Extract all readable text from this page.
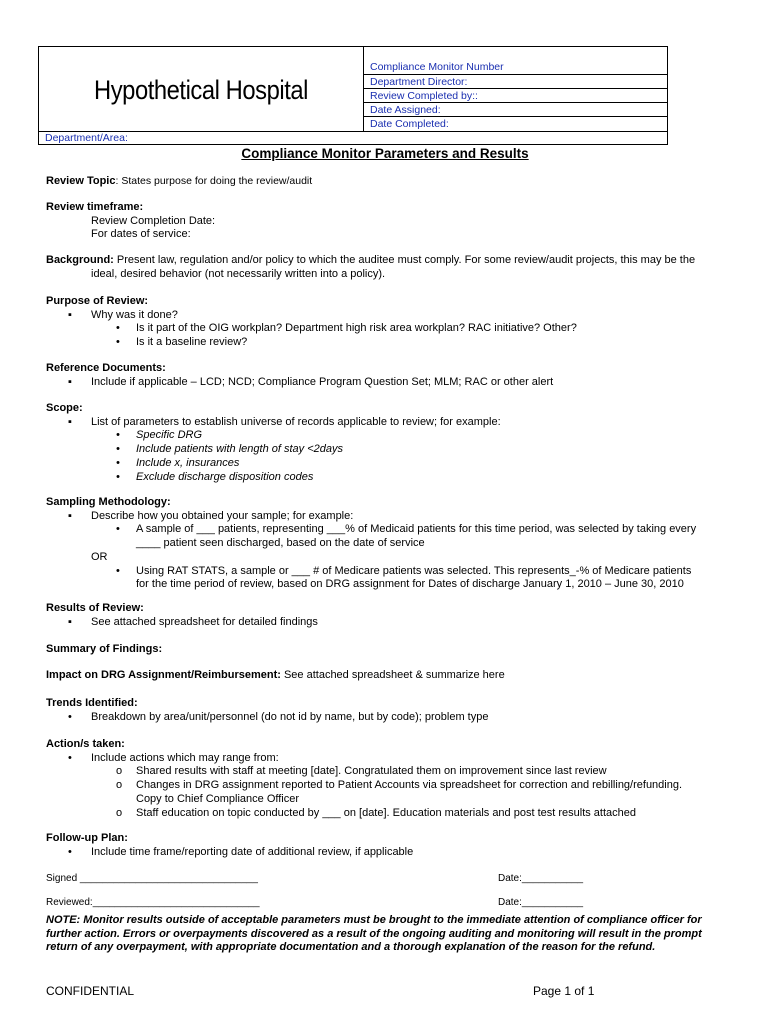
Hypothetical Hospital
Compliance Monitor Number
Department Director:
Review Completed by::
Date Assigned:
Date Completed:
Department/Area:
Compliance Monitor Parameters and Results
Review Topic: States purpose for doing the review/audit
Review timeframe:
Review Completion Date:
For dates of service:
Background: Present law, regulation and/or policy to which the auditee must comply. For some review/audit projects, this may be the
ideal, desired behavior (not necessarily written into a policy).
Purpose of Review:
▪ Why was it done?
• Is it part of the OIG workplan? Department high risk area workplan? RAC initiative? Other?
• Is it a baseline review?
Reference Documents:
▪ Include if applicable – LCD; NCD; Compliance Program Question Set; MLM; RAC or other alert
Scope:
▪ List of parameters to establish universe of records applicable to review; for example:
• Specific DRG
• Include patients with length of stay <2days
• Include x, insurances
• Exclude discharge disposition codes
Sampling Methodology:
▪ Describe how you obtained your sample; for example:
• A sample of ___ patients, representing ___% of Medicaid patients for this time period, was selected by taking every
____ patient seen discharged, based on the date of service
OR
• Using RAT STATS, a sample or ___ # of Medicare patients was selected. This represents_-% of Medicare patients
for the time period of review, based on DRG assignment for Dates of discharge January 1, 2010 – June 30, 2010
Results of Review:
▪ See attached spreadsheet for detailed findings
Summary of Findings:
Impact on DRG Assignment/Reimbursement: See attached spreadsheet & summarize here
Trends Identified:
• Breakdown by area/unit/personnel (do not id by name, but by code); problem type
Action/s taken:
• Include actions which may range from:
o Shared results with staff at meeting [date]. Congratulated them on improvement since last review
o Changes in DRG assignment reported to Patient Accounts via spreadsheet for correction and rebilling/refunding.
Copy to Chief Compliance Officer
o Staff education on topic conducted by ___ on [date]. Education materials and post test results attached
Follow-up Plan:
• Include time frame/reporting date of additional review, if applicable
Signed ________________________________	Date:___________
Reviewed:______________________________	Date:___________
NOTE: Monitor results outside of acceptable parameters must be brought to the immediate attention of compliance officer for further action. Errors or overpayments discovered as a result of the ongoing auditing and monitoring will result in the prompt return of any overpayment, with appropriate documentation and a thorough explanation of the reason for the refund.
CONFIDENTIAL	Page 1 of 1
